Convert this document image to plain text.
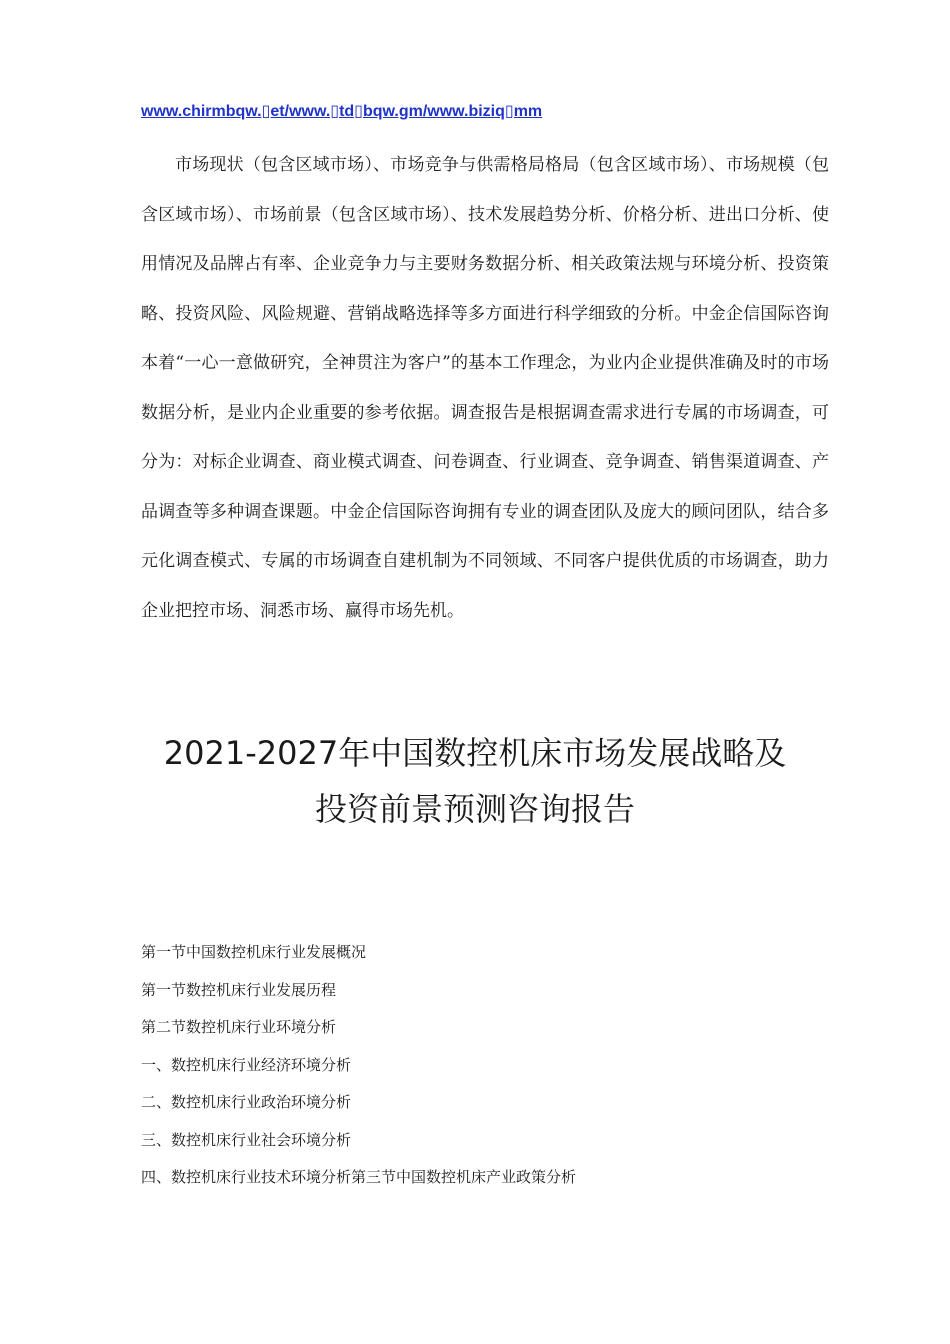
www.chirmbqw.▯et/www.▯td▯bqw.gm/www.biziq▯mm

市场现状（包含区域市场）、市场竞争与供需格局格局（包含区域市场）、市场规模（包含区域市场）、市场前景（包含区域市场）、技术发展趋势分析、价格分析、进出口分析、使用情况及品牌占有率、企业竞争力与主要财务数据分析、相关政策法规与环境分析、投资策略、投资风险、风险规避、营销战略选择等多方面进行科学细致的分析。中金企信国际咨询本着“一心一意做研究，全神贯注为客户”的基本工作理念，为业内企业提供准确及时的市场数据分析，是业内企业重要的参考依据。调查报告是根据调查需求进行专属的市场调查，可分为：对标企业调查、商业模式调查、问卷调查、行业调查、竞争调查、销售渠道调查、产品调查等多种调查课题。中金企信国际咨询拥有专业的调查团队及庞大的顾问团队，结合多元化调查模式、专属的市场调查自建机制为不同领域、不同客户提供优质的市场调查，助力企业把控市场、洞悉市场、赢得市场先机。

2021-2027年中国数控机床市场发展战略及
投资前景预测咨询报告
第一节中国数控机床行业发展概况
第一节数控机床行业发展历程
第二节数控机床行业环境分析
一、数控机床行业经济环境分析
二、数控机床行业政治环境分析
三、数控机床行业社会环境分析
四、数控机床行业技术环境分析第三节中国数控机床产业政策分析
